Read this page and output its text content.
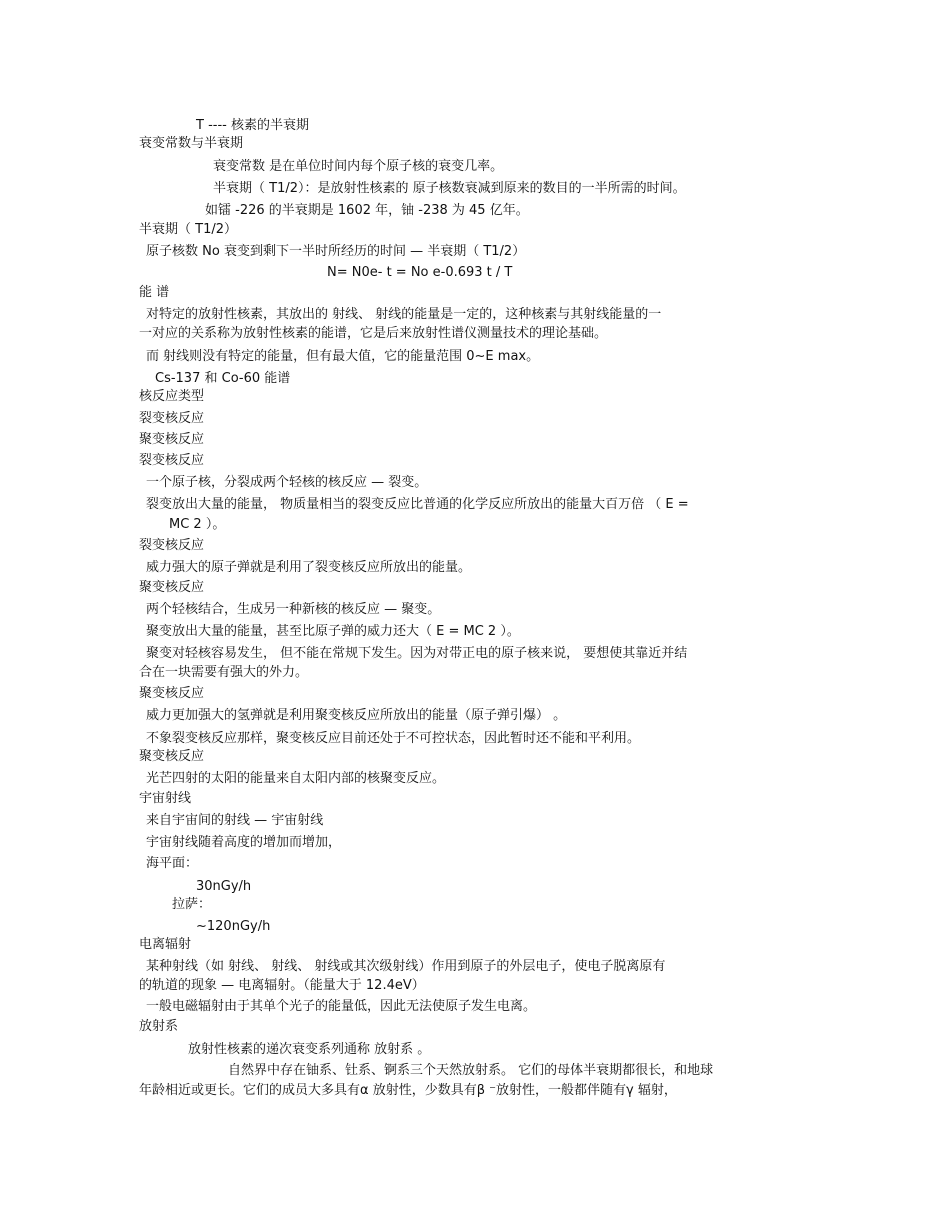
T ---- 核素的半衰期
衰变常数与半衰期
衰变常数 是在单位时间内每个原子核的衰变几率。
半衰期（ T1/2）：是放射性核素的 原子核数衰减到原来的数目的一半所需的时间。
如镭 -226 的半衰期是 1602 年，铀 -238 为 45 亿年。
半衰期（ T1/2）
原子核数 No 衰变到剩下一半时所经历的时间 — 半衰期（ T1/2）
N= N0e- t = No e-0.693 t / T
能 谱
对特定的放射性核素，其放出的 射线、 射线的能量是一定的，这种核素与其射线能量的一
一对应的关系称为放射性核素的能谱，它是后来放射性谱仪测量技术的理论基础。
而 射线则没有特定的能量，但有最大值，它的能量范围 0~E max。
Cs-137 和 Co-60 能谱
核反应类型
裂变核反应
聚变核反应
裂变核反应
一个原子核，分裂成两个轻核的核反应 — 裂变。
裂变放出大量的能量， 物质量相当的裂变反应比普通的化学反应所放出的能量大百万倍 （ E =
MC 2 ）。
裂变核反应
威力强大的原子弹就是利用了裂变核反应所放出的能量。
聚变核反应
两个轻核结合，生成另一种新核的核反应 — 聚变。
聚变放出大量的能量，甚至比原子弹的威力还大（ E = MC 2 ）。
聚变对轻核容易发生， 但不能在常规下发生。因为对带正电的原子核来说， 要想使其靠近并结
合在一块需要有强大的外力。
聚变核反应
威力更加强大的氢弹就是利用聚变核反应所放出的能量（原子弹引爆） 。
不象裂变核反应那样，聚变核反应目前还处于不可控状态，因此暂时还不能和平利用。
聚变核反应
光芒四射的太阳的能量来自太阳内部的核聚变反应。
宇宙射线
来自宇宙间的射线 — 宇宙射线
宇宙射线随着高度的增加而增加，
海平面：
30nGy/h
拉萨：
~120nGy/h
电离辐射
某种射线（如 射线、 射线、 射线或其次级射线）作用到原子的外层电子，使电子脱离原有
的轨道的现象 — 电离辐射。（能量大于 12.4eV）
一般电磁辐射由于其单个光子的能量低，因此无法使原子发生电离。
放射系
放射性核素的递次衰变系列通称 放射系 。
自然界中存在铀系、钍系、锕系三个天然放射系。 它们的母体半衰期都很长，和地球
年龄相近或更长。它们的成员大多具有α 放射性，少数具有β ⁻放射性，一般都伴随有γ 辐射，
